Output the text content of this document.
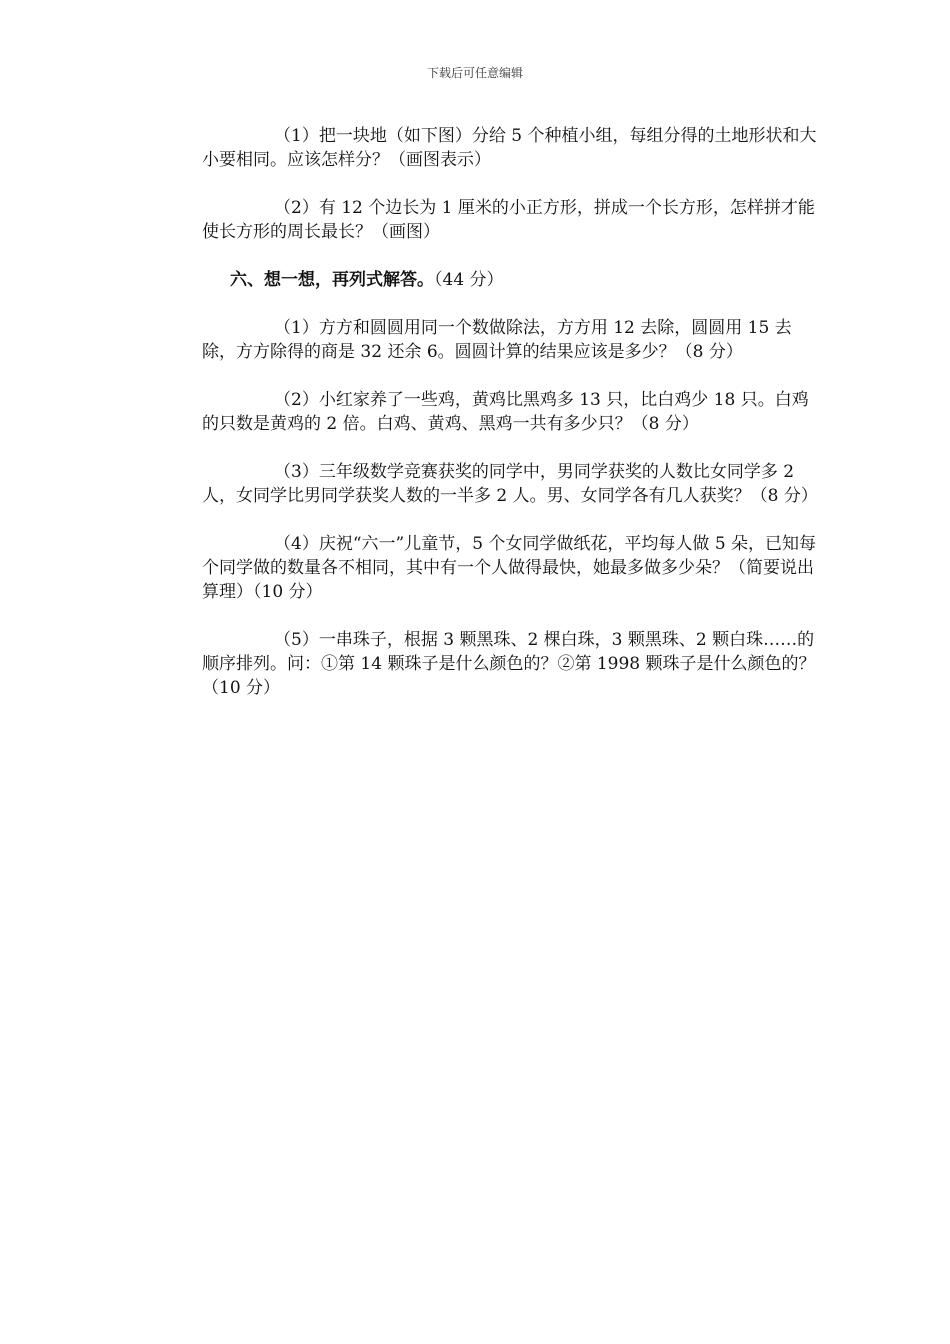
下载后可任意编辑

（1）把一块地（如下图）分给 5 个种植小组，每组分得的土地形状和大小要相同。应该怎样分？（画图表示）

（2）有 12 个边长为 1 厘米的小正方形，拼成一个长方形，怎样拼才能使长方形的周长最长？（画图）

六、想一想，再列式解答。（44 分）

（1）方方和圆圆用同一个数做除法，方方用 12 去除，圆圆用 15 去除，方方除得的商是 32 还余 6。圆圆计算的结果应该是多少？（8 分）

（2）小红家养了一些鸡，黄鸡比黑鸡多 13 只，比白鸡少 18 只。白鸡的只数是黄鸡的 2 倍。白鸡、黄鸡、黑鸡一共有多少只？（8 分）

（3）三年级数学竞赛获奖的同学中，男同学获奖的人数比女同学多 2 人，女同学比男同学获奖人数的一半多 2 人。男、女同学各有几人获奖？（8 分）

（4）庆祝“六一”儿童节，5 个女同学做纸花，平均每人做 5 朵，已知每个同学做的数量各不相同，其中有一个人做得最快，她最多做多少朵？（简要说出算理）（10 分）

（5）一串珠子，根据 3 颗黑珠、2 棵白珠，3 颗黑珠、2 颗白珠……的顺序排列。问：①第 14 颗珠子是什么颜色的？②第 1998 颗珠子是什么颜色的？（10 分）
